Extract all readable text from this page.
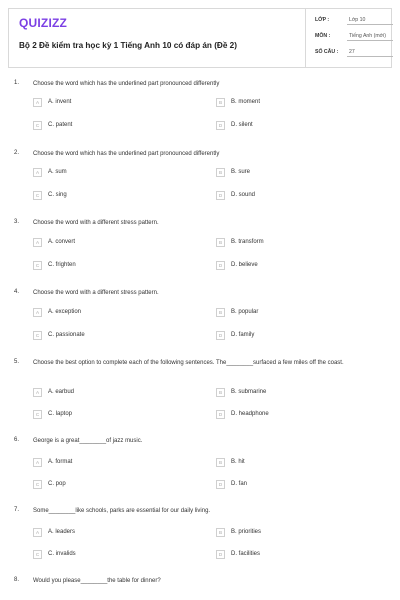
QUIZIZZ
Bộ 2 Đề kiểm tra học kỳ 1 Tiếng Anh 10 có đáp án (Đề 2)
LỚP :	Lớp 10
MÔN :	Tiếng Anh (mới)
SỐ CÂU : 27
1. Choose the word which has the underlined part pronounced differently
A	A. invent	B	B. moment
C	C. patent	D	D. silent
2. Choose the word which has the underlined part pronounced differently
A	A. sum	B	B. sure
C	C. sing	D	D. sound
3. Choose the word with a different stress pattern.
A	A. convert	B	B. transform
C	C. frighten	D	D. believe
4. Choose the word with a different stress pattern.
A	A. exception	B	B. popular
C	C. passionate	D	D. family
5. Choose the best option to complete each of the following sentences. The________surfaced a few miles off the coast.
A	A. earbud	B	B. submarine
C	C. laptop	D	D. headphone
6. George is a great________of jazz music.
A	A. format	B	B. hit
C	C. pop	D	D. fan
7. Some________like schools, parks are essential for our daily living.
A	A. leaders	B	B. priorities
C	C. invalids	D	D. facilities
8. Would you please________the table for dinner?
